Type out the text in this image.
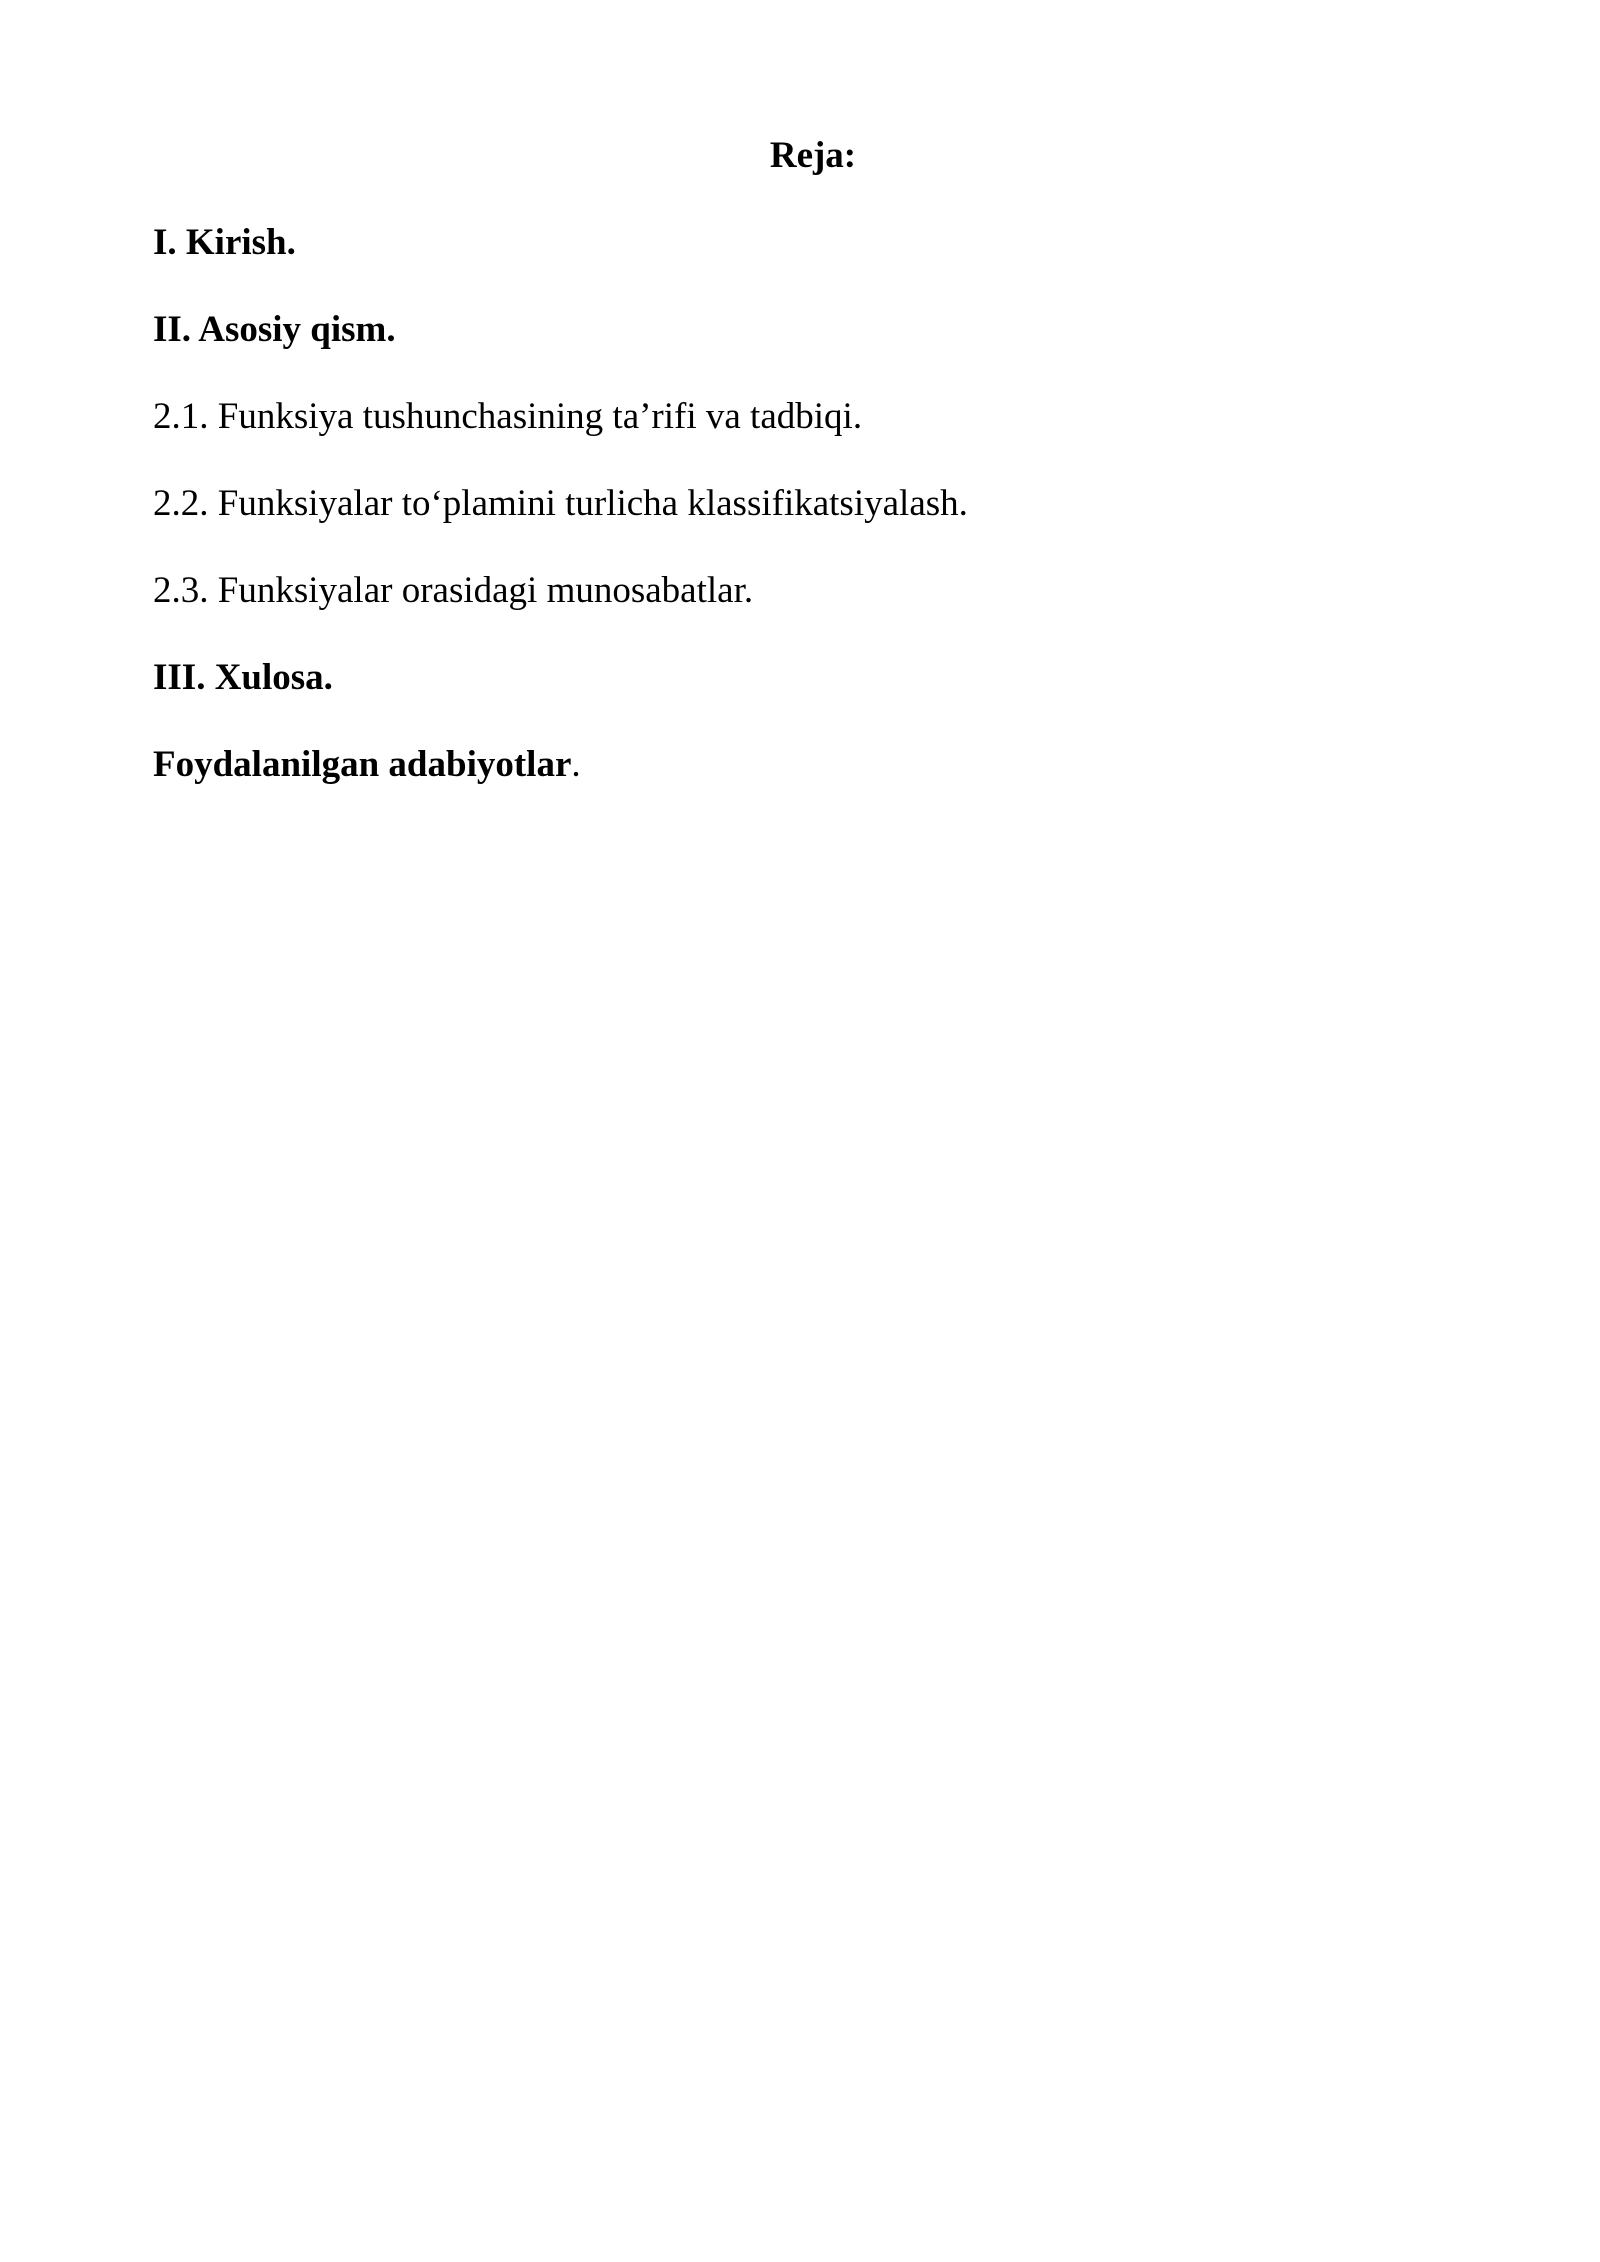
Reja:

I. Kirish.

II. Asosiy qism.

2.1. Funksiya tushunchasining ta’rifi va tadbiqi.

2.2. Funksiyalar to‘plamini turlicha klassifikatsiyalash.

2.3. Funksiyalar orasidagi munosabatlar.

III. Xulosa.

Foydalanilgan adabiyotlar.
